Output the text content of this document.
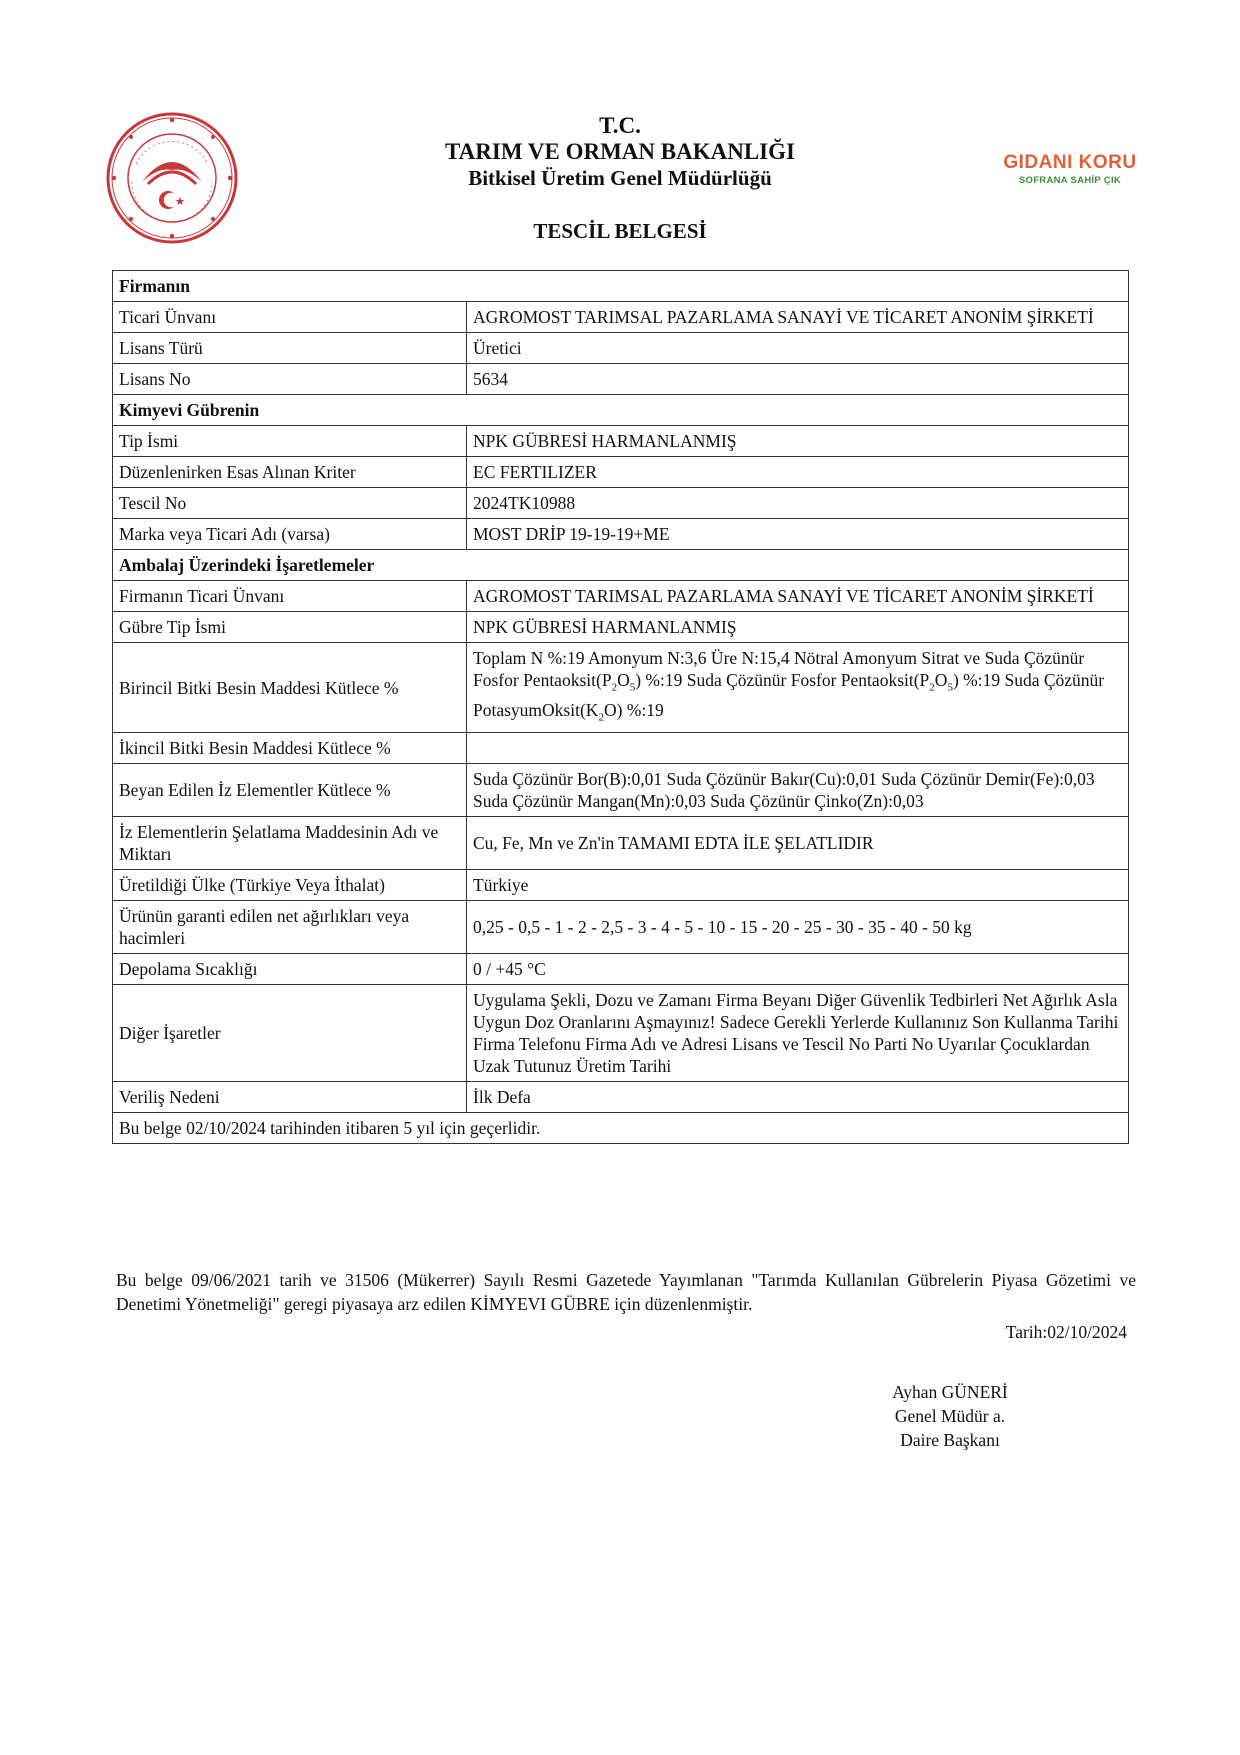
GIDANI KORU
SOFRANA SAHİP ÇIK
T.C.
TARIM VE ORMAN BAKANLIĞI
Bitkisel Üretim Genel Müdürlüğü
TESCİL BELGESİ
Firmanın	
Ticari Ünvanı	AGROMOST TARIMSAL PAZARLAMA SANAYİ VE TİCARET ANONİM ŞİRKETİ
Lisans Türü	Üretici
Lisans No	5634
Kimyevi Gübrenin	
Tip İsmi	NPK GÜBRESİ HARMANLANMIŞ
Düzenlenirken Esas Alınan Kriter	EC FERTILIZER
Tescil No	2024TK10988
Marka veya Ticari Adı (varsa)	MOST DRİP 19-19-19+ME
Ambalaj Üzerindeki İşaretlemeler	
Firmanın Ticari Ünvanı	AGROMOST TARIMSAL PAZARLAMA SANAYİ VE TİCARET ANONİM ŞİRKETİ
Gübre Tip İsmi	NPK GÜBRESİ HARMANLANMIŞ
Birincil Bitki Besin Maddesi Kütlece %	Toplam N %:19 Amonyum N:3,6 Üre N:15,4 Nötral Amonyum Sitrat ve Suda Çözünür Fosfor $Pentaoksit(P_2O_5)$ %:19 Suda Çözünür Fosfor $Pentaoksit(P_2O_5)$ %:19 Suda Çözünür $PotasyumOksit(K_2O)$ %:19
İkincil Bitki Besin Maddesi Kütlece %	
Beyan Edilen İz Elementler Kütlece %	Suda Çözünür Bor(B):0,01 Suda Çözünür Bakır(Cu):0,01 Suda Çözünür Demir(Fe):0,03 Suda Çözünür Mangan(Mn):0,03 Suda Çözünür Çinko(Zn):0,03
İz Elementlerin Şelatlama Maddesinin Adı ve Miktarı	Cu, Fe, Mn ve Zn'in TAMAMI EDTA İLE ŞELATLIDIR
Üretildiği Ülke (Türkiye Veya İthalat)	Türkiye
Ürünün garanti edilen net ağırlıkları veya hacimleri	0,25 - 0,5 - 1 - 2 - 2,5 - 3 - 4 - 5 - 10 - 15 - 20 - 25 - 30 - 35 - 40 - 50 kg
Depolama Sıcaklığı	0 / +45 °C
Diğer İşaretler	Uygulama Şekli, Dozu ve Zamanı Firma Beyanı Diğer Güvenlik Tedbirleri Net Ağırlık Asla Uygun Doz Oranlarını Aşmayınız! Sadece Gerekli Yerlerde Kullanınız Son Kullanma Tarihi Firma Telefonu Firma Adı ve Adresi Lisans ve Tescil No Parti No Uyarılar Çocuklardan Uzak Tutunuz Üretim Tarihi
Veriliş Nedeni	İlk Defa
Bu belge 02/10/2024 tarihinden itibaren 5 yıl için geçerlidir.	
Bu belge 09/06/2021 tarih ve 31506 (Mükerrer) Sayılı Resmi Gazetede Yayımlanan "Tarımda Kullanılan Gübrelerin Piyasa Gözetimi ve Denetimi Yönetmeliği" geregi piyasaya arz edilen KİMYEVI GÜBRE için düzenlenmiştir.
Tarih:02/10/2024
Ayhan GÜNERİ
Genel Müdür a.
Daire Başkanı
